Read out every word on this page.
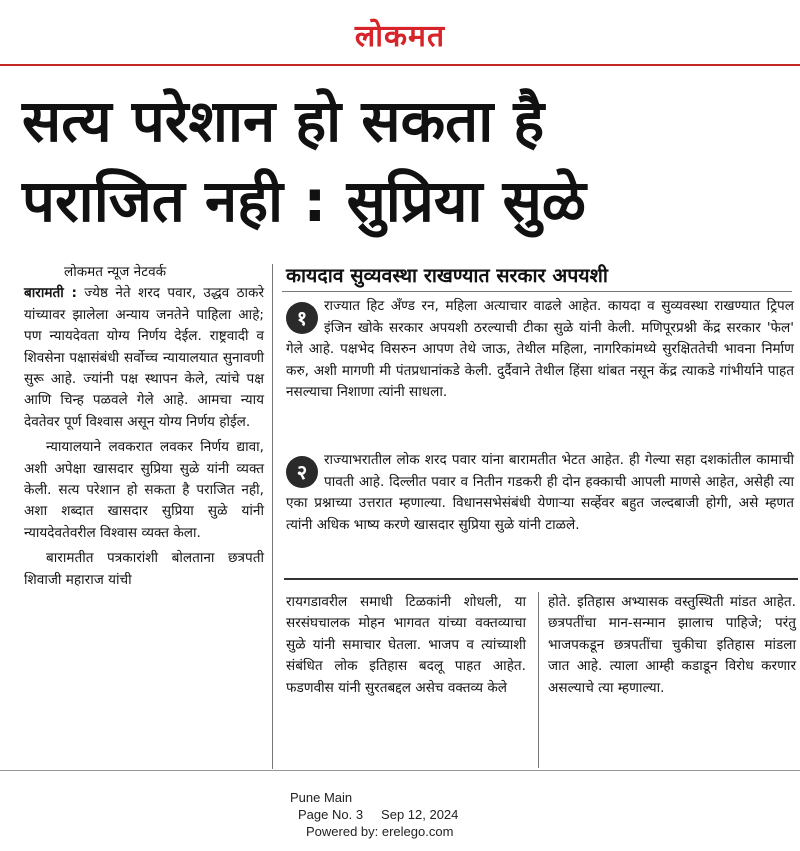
लोकमत
सत्य परेशान हो सकता है
पराजित नही : सुप्रिया सुळे

लोकमत न्यूज नेटवर्क

बारामती : ज्येष्ठ नेते शरद पवार, उद्धव ठाकरे यांच्यावर झालेला अन्याय जनतेने पाहिला आहे; पण न्यायदेवता योग्य निर्णय देईल. राष्ट्रवादी व शिवसेना पक्षासंबंधी सर्वोच्च न्यायालयात सुनावणी सुरू आहे. ज्यांनी पक्ष स्थापन केले, त्यांचे पक्ष आणि चिन्ह पळवले गेले आहे. आमचा न्याय देवतेवर पूर्ण विश्वास असून योग्य निर्णय होईल.

न्यायालयाने लवकरात लवकर निर्णय द्यावा, अशी अपेक्षा खासदार सुप्रिया सुळे यांनी व्यक्त केली. सत्य परेशान हो सकता है पराजित नही, अशा शब्दात खासदार सुप्रिया सुळे यांनी न्यायदेवतेवरील विश्वास व्यक्त केला.

बारामतीत पत्रकारांशी बोलताना छत्रपती शिवाजी महाराज यांची

कायदाव सुव्यवस्था राखण्यात सरकार अपयशी
१	राज्यात हिट अँण्ड रन, महिला अत्याचार वाढले आहेत. कायदा व सुव्यवस्था राखण्यात ट्रिपल इंजिन खोके सरकार अपयशी ठरल्याची टीका सुळे यांनी केली. मणिपूरप्रश्नी केंद्र सरकार 'फेल' गेले आहे. पक्षभेद विसरुन आपण तेथे जाऊ, तेथील महिला, नागरिकांमध्ये सुरक्षिततेची भावना निर्माण करु, अशी मागणी मी पंतप्रधानांकडे केली. दुर्दैवाने तेथील हिंसा थांबत नसून केंद्र त्याकडे गांभीर्याने पाहत नसल्याचा निशाणा त्यांनी साधला.
२	राज्याभरातील लोक शरद पवार यांना बारामतीत भेटत आहेत. ही गेल्या सहा दशकांतील कामाची पावती आहे. दिल्लीत पवार व नितीन गडकरी ही दोन हक्काची आपली माणसे आहेत, असेही त्या एका प्रश्नाच्या उत्तरात म्हणाल्या. विधानसभेसंबंधी येणाऱ्या सर्व्हेवर बहुत जल्दबाजी होगी, असे म्हणत त्यांनी अधिक भाष्य करणे खासदार सुप्रिया सुळे यांनी टाळले.
रायगडावरील समाधी टिळकांनी शोधली, या सरसंघचालक मोहन भागवत यांच्या वक्तव्याचा सुळे यांनी समाचार घेतला. भाजप व त्यांच्याशी संबंधित लोक इतिहास बदलू पाहत आहेत. फडणवीस यांनी सुरतबद्दल असेच वक्तव्य केले
होते. इतिहास अभ्यासक वस्तुस्थिती मांडत आहेत. छत्रपतींचा मान-सन्मान झालाच पाहिजे; परंतु भाजपकडून छत्रपतींचा चुकीचा इतिहास मांडला जात आहे. त्याला आम्ही कडाडून विरोध करणार असल्याचे त्या म्हणाल्या.
Pune Main
Page No. 3 Sep 12, 2024
Powered by: erelego.com
